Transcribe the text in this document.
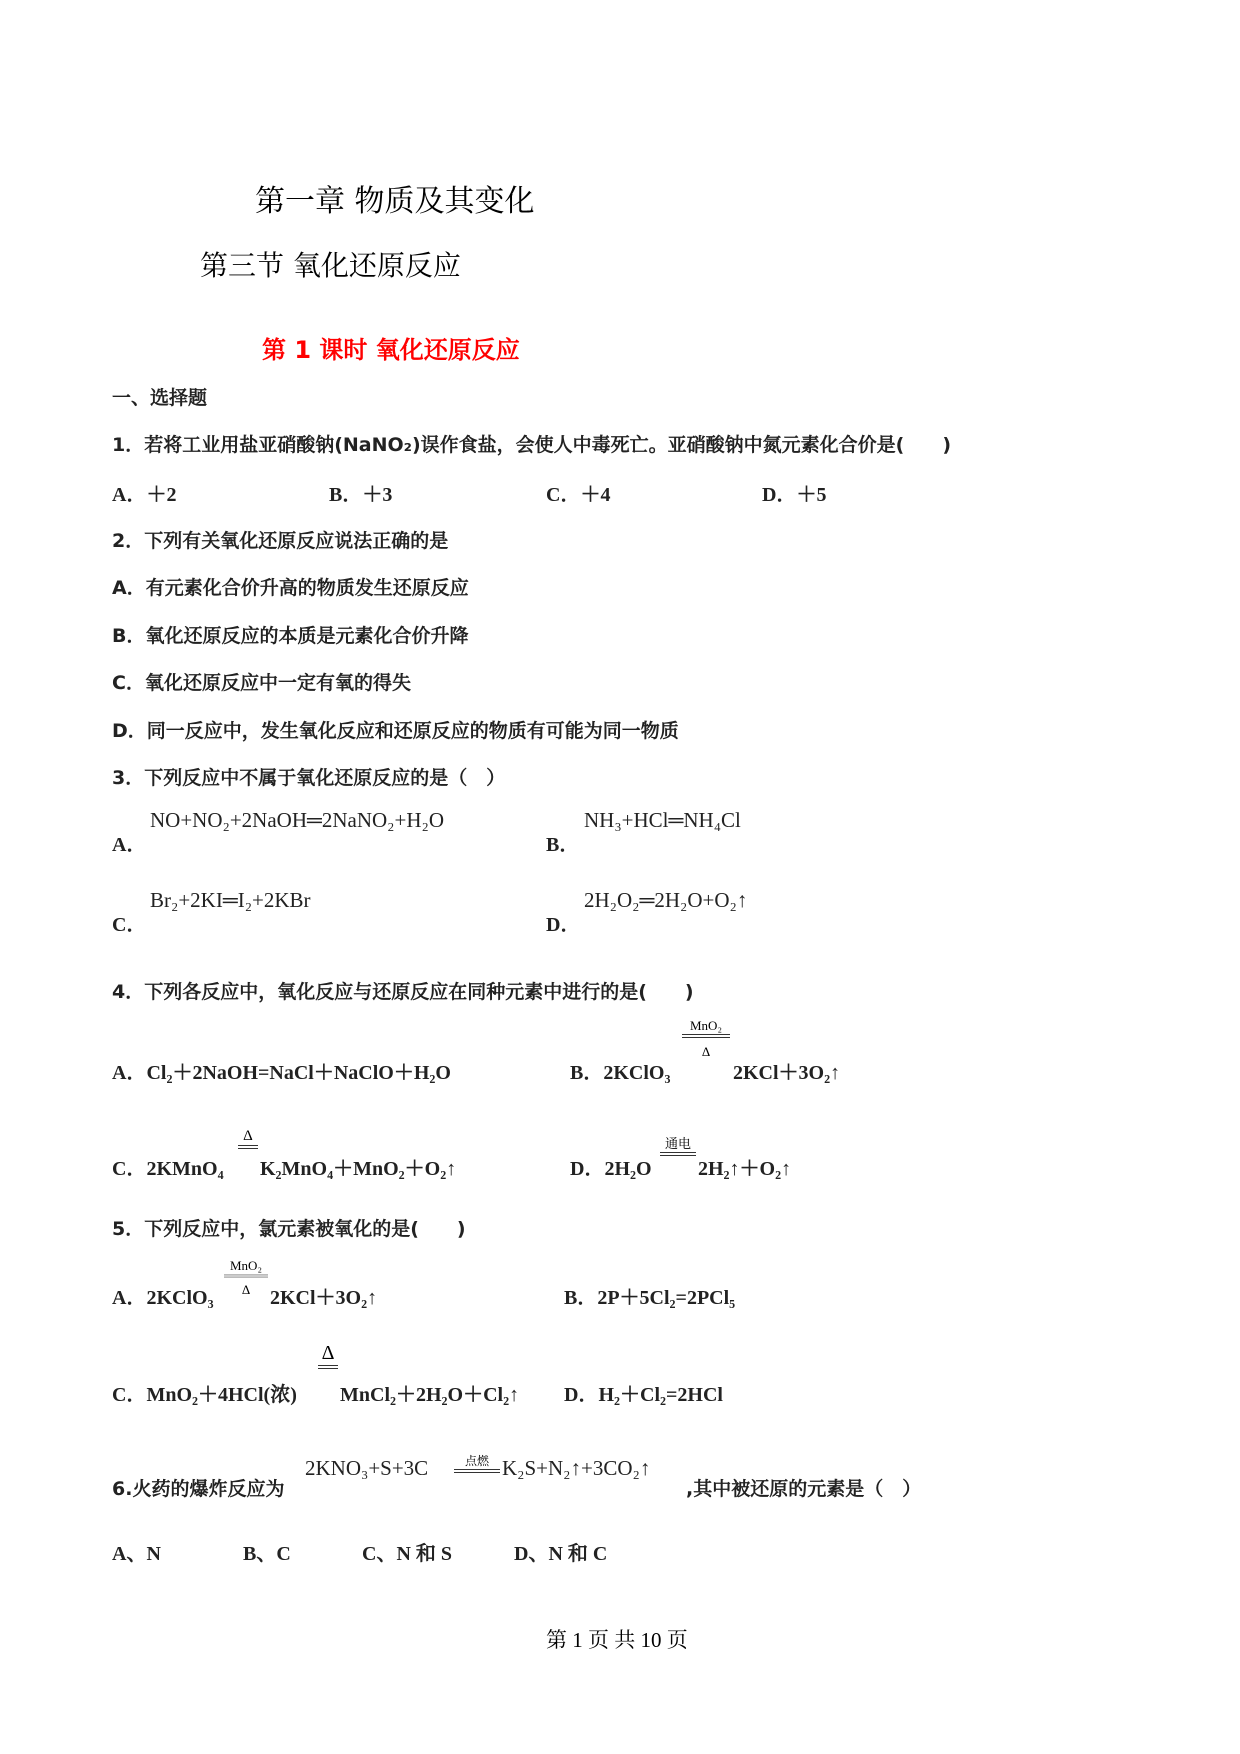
第一章 物质及其变化
第三节 氧化还原反应
第 1 课时 氧化还原反应
一、选择题
1．若将工业用盐亚硝酸钠(NaNO₂)误作食盐，会使人中毒死亡。亚硝酸钠中氮元素化合价是(　　)
A．＋2	B．＋3	C．＋4	D．＋5
2．下列有关氧化还原反应说法正确的是
A．有元素化合价升高的物质发生还原反应
B．氧化还原反应的本质是元素化合价升降
C．氧化还原反应中一定有氧的得失
D．同一反应中，发生氧化反应和还原反应的物质有可能为同一物质
3．下列反应中不属于氧化还原反应的是（　）
A．
NO+NO₂+2NaOH═2NaNO₂+H₂O
B．
NH₃+HCl═NH₄Cl
C．
Br₂+2KI═I₂+2KBr
D．
2H₂O₂═2H₂O+O₂↑
4．下列各反应中，氧化反应与还原反应在同种元素中进行的是(　　)
A．Cl₂＋2NaOH=NaCl＋NaClO＋H₂O	B．2KClO₃
MnO₂
Δ
2KCl＋3O₂↑
C．2KMnO₄
Δ
K₂MnO₄＋MnO₂＋O₂↑	D．2H₂O
通电
2H₂↑＋O₂↑
5．下列反应中，氯元素被氧化的是(　　)
A．2KClO₃
MnO₂
Δ 2KCl＋3O₂↑	B．2P＋5Cl₂=2PCl₅
C．MnO₂＋4HCl(浓)
Δ
MnCl₂＋2H₂O＋Cl₂↑ D．H₂＋Cl₂=2HCl
6.火药的爆炸反应为
2KNO₃+S+3C	点燃 K₂S+N₂↑+3CO₂↑
,其中被还原的元素是（　）
A、N	B、C	C、N 和 S	D、N 和 C
第 1 页 共 10 页
